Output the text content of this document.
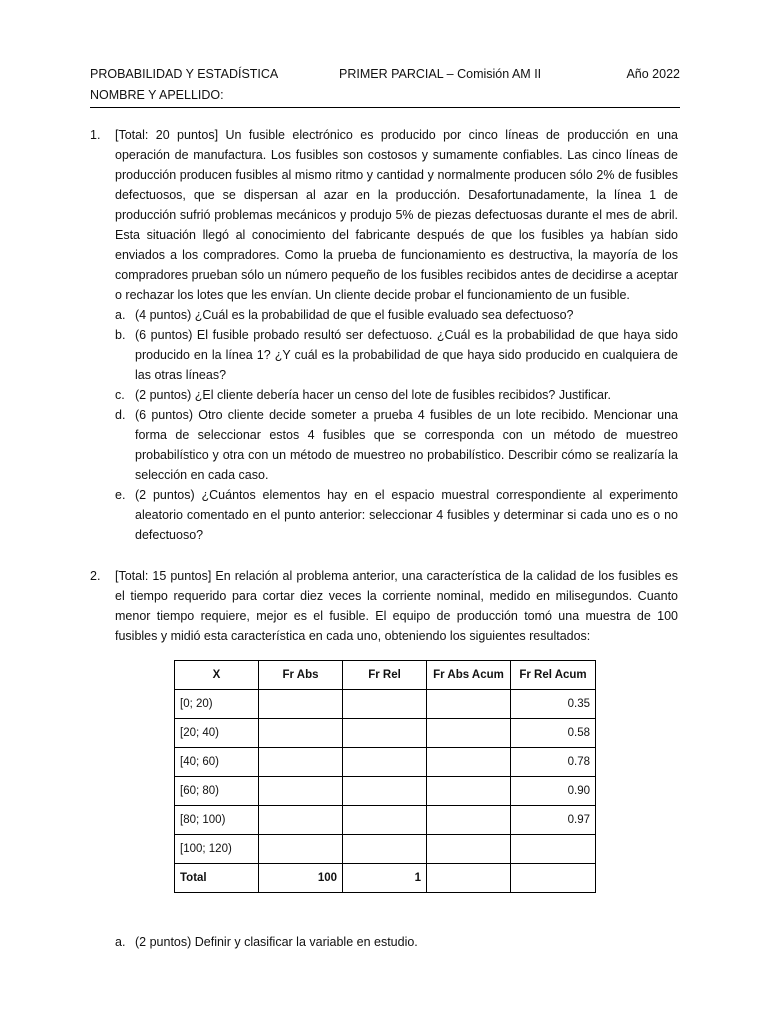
PROBABILIDAD Y ESTADÍSTICA	PRIMER PARCIAL – Comisión AM II	Año 2022
NOMBRE Y APELLIDO:
1. [Total: 20 puntos] Un fusible electrónico es producido por cinco líneas de producción en una operación de manufactura. Los fusibles son costosos y sumamente confiables. Las cinco líneas de producción producen fusibles al mismo ritmo y cantidad y normalmente producen sólo 2% de fusibles defectuosos, que se dispersan al azar en la producción. Desafortunadamente, la línea 1 de producción sufrió problemas mecánicos y produjo 5% de piezas defectuosas durante el mes de abril. Esta situación llegó al conocimiento del fabricante después de que los fusibles ya habían sido enviados a los compradores. Como la prueba de funcionamiento es destructiva, la mayoría de los compradores prueban sólo un número pequeño de los fusibles recibidos antes de decidirse a aceptar o rechazar los lotes que les envían. Un cliente decide probar el funcionamiento de un fusible.
a. (4 puntos) ¿Cuál es la probabilidad de que el fusible evaluado sea defectuoso?
b. (6 puntos) El fusible probado resultó ser defectuoso. ¿Cuál es la probabilidad de que haya sido producido en la línea 1? ¿Y cuál es la probabilidad de que haya sido producido en cualquiera de las otras líneas?
c. (2 puntos) ¿El cliente debería hacer un censo del lote de fusibles recibidos? Justificar.
d. (6 puntos) Otro cliente decide someter a prueba 4 fusibles de un lote recibido. Mencionar una forma de seleccionar estos 4 fusibles que se corresponda con un método de muestreo probabilístico y otra con un método de muestreo no probabilístico. Describir cómo se realizaría la selección en cada caso.
e. (2 puntos) ¿Cuántos elementos hay en el espacio muestral correspondiente al experimento aleatorio comentado en el punto anterior: seleccionar 4 fusibles y determinar si cada uno es o no defectuoso?
2. [Total: 15 puntos] En relación al problema anterior, una característica de la calidad de los fusibles es el tiempo requerido para cortar diez veces la corriente nominal, medido en milisegundos. Cuanto menor tiempo requiere, mejor es el fusible. El equipo de producción tomó una muestra de 100 fusibles y midió esta característica en cada uno, obteniendo los siguientes resultados:
X	Fr Abs	Fr Rel	Fr Abs Acum	Fr Rel Acum
[0; 20)				0.35
[20; 40)				0.58
[40; 60)				0.78
[60; 80)				0.90
[80; 100)				0.97
[100; 120)				
Total	100	1		
a. (2 puntos) Definir y clasificar la variable en estudio.
